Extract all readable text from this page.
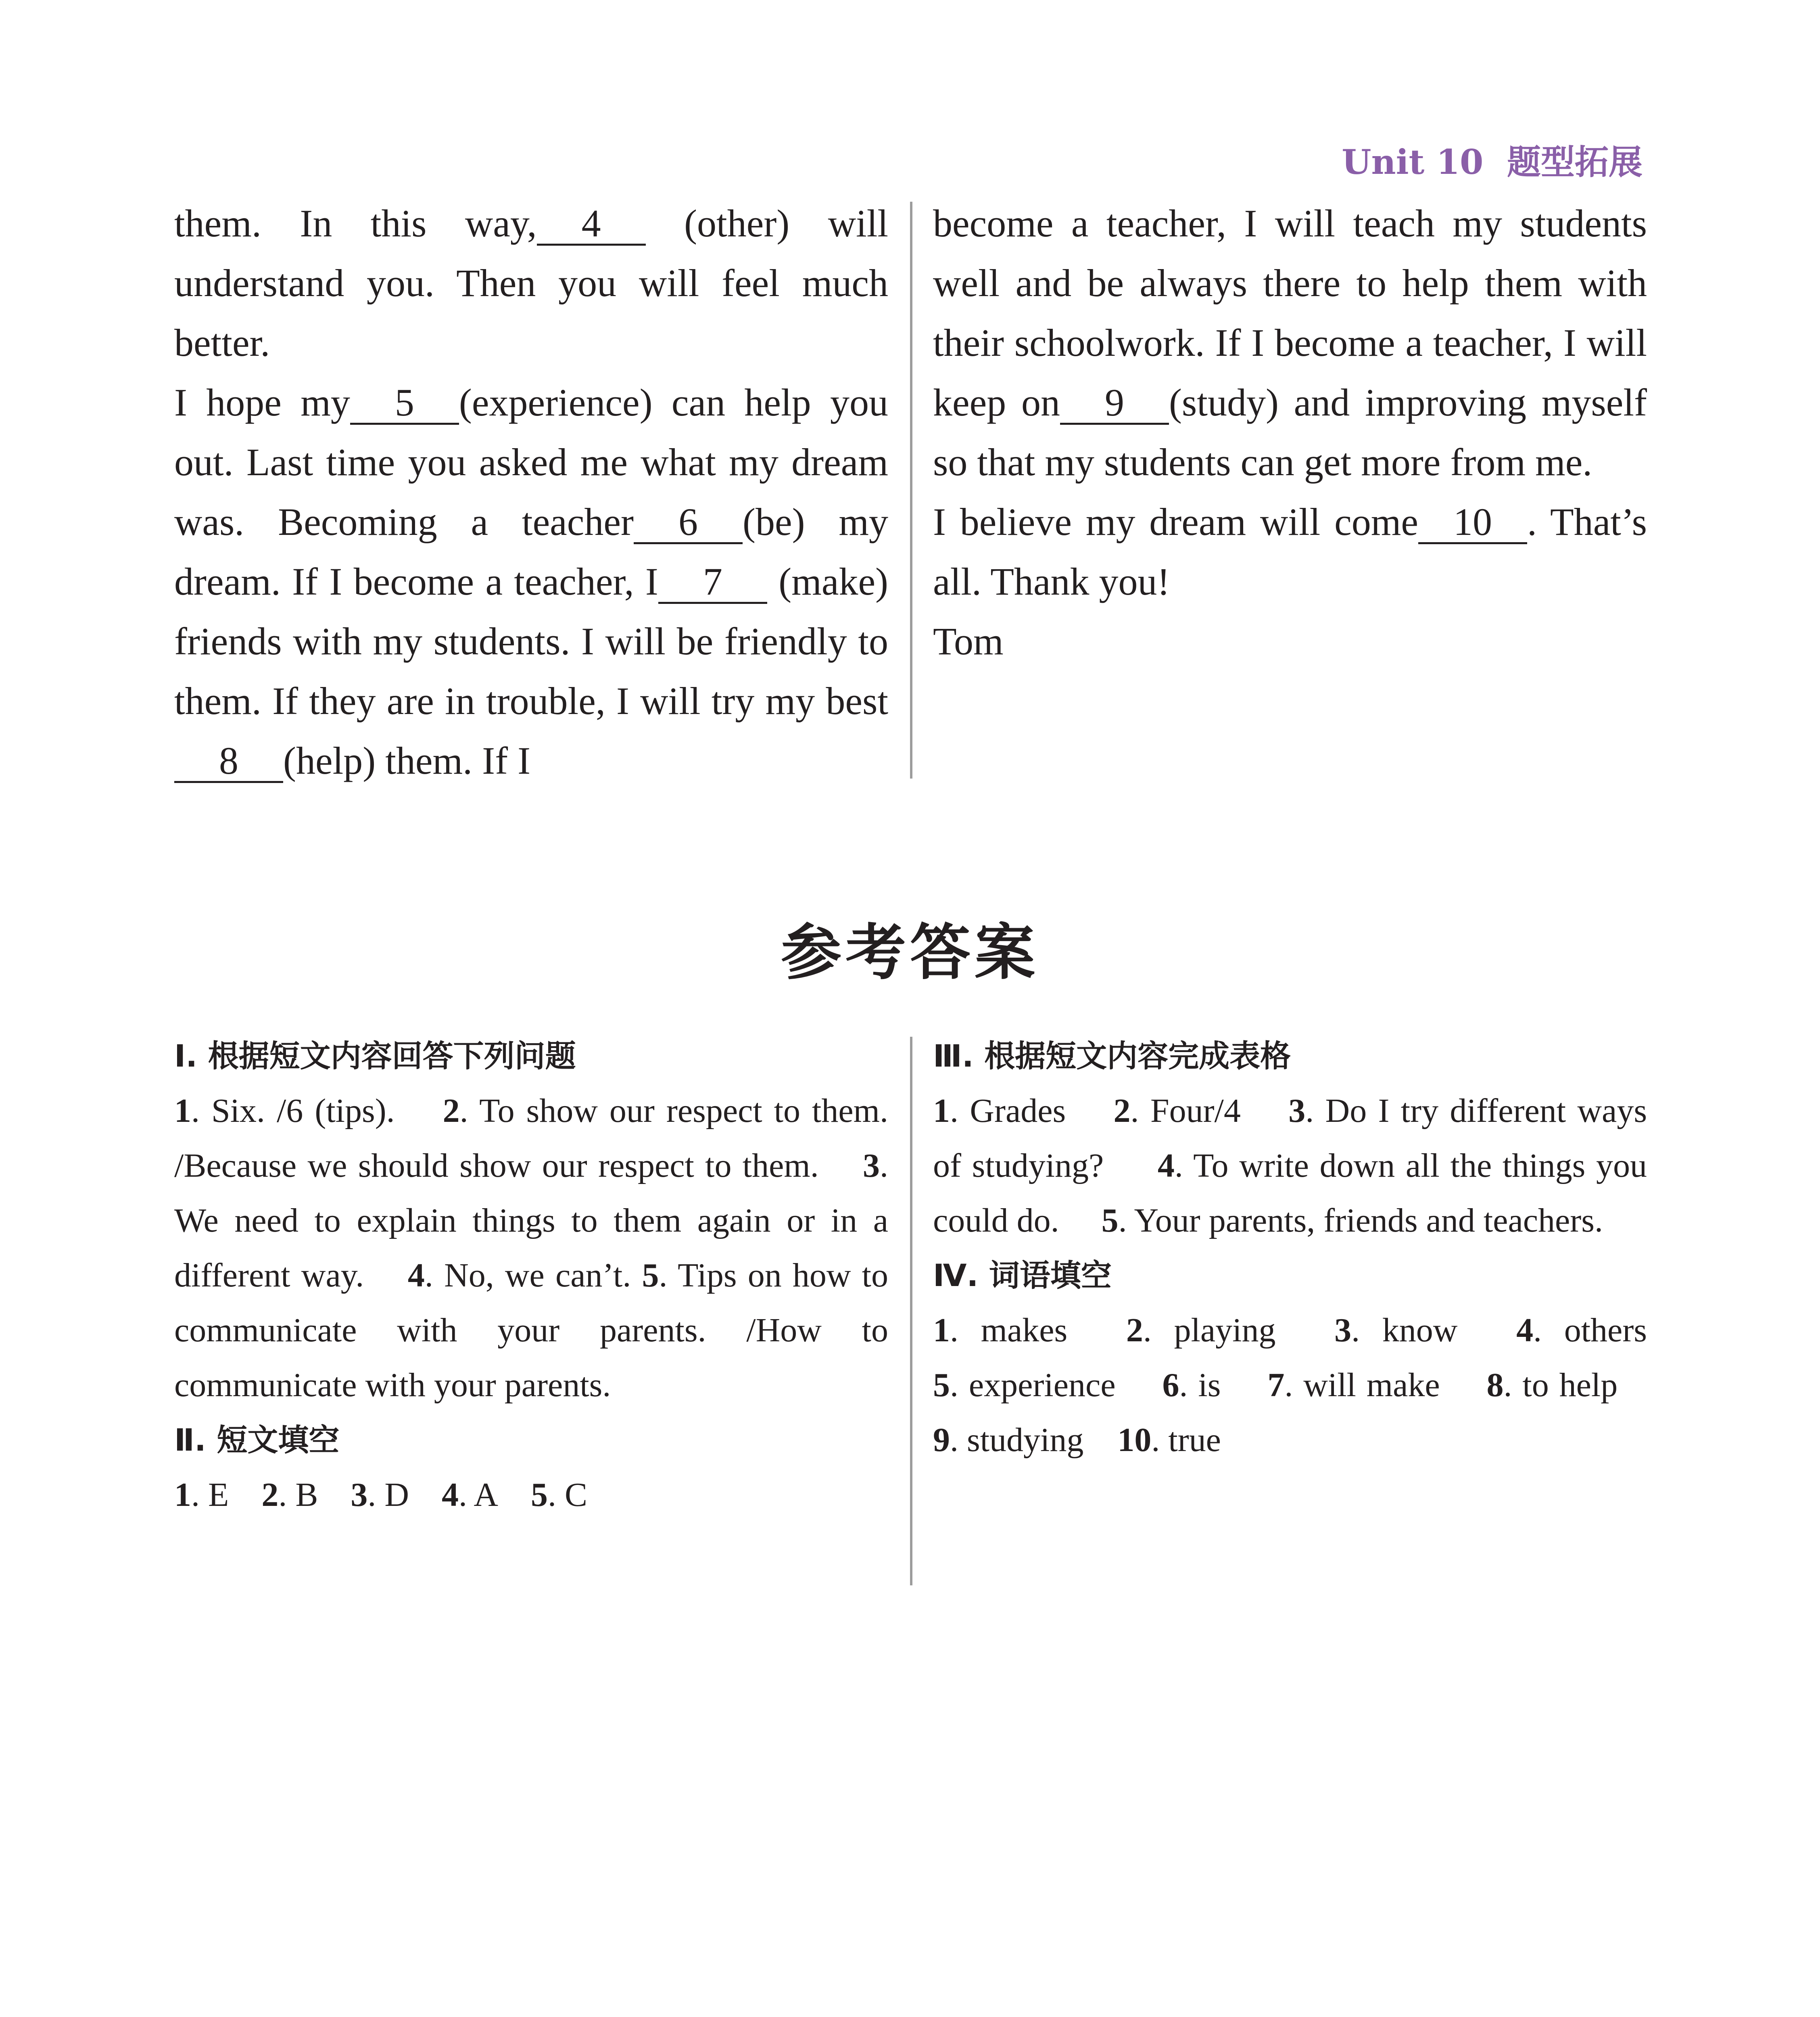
Unit 10 题型拓展

them. In this way, 4 (other) will understand you. Then you will feel much better.

I hope my 5 (experience) can help you out. Last time you asked me what my dream was. Becoming a teacher 6 (be) my dream. If I become a teacher, I 7 (make) friends with my students. I will be friendly to them. If they are in trouble, I will try my best8 (help) them. If I

become a teacher, I will teach my students well and be always there to help them with their schoolwork. If I become a teacher, I will keep on 9 (study) and improving myself so that my students can get more from me.

I believe my dream will come 10 . That’s all. Thank you!

Tom

参考答案
Ⅰ. 根据短文内容回答下列问题

1. Six. /6 (tips). 2. To show our respect to them. /Because we should show our respect to them. 3. We need to explain things to them again or in a different way. 4. No, we can’t. 5. Tips on how to communicate with your parents. /How to communicate with your parents.

Ⅱ. 短文填空

1. E 2. B 3. D 4. A 5. C

Ⅲ. 根据短文内容完成表格

1. Grades 2. Four/4 3. Do I try different ways of studying? 4. To write down all the things you could do. 5. Your parents, friends and teachers.

Ⅳ. 词语填空

1. makes 2. playing 3. know 4. others 5. experience 6. is 7. will make 8. to help    9. studying 10. true
